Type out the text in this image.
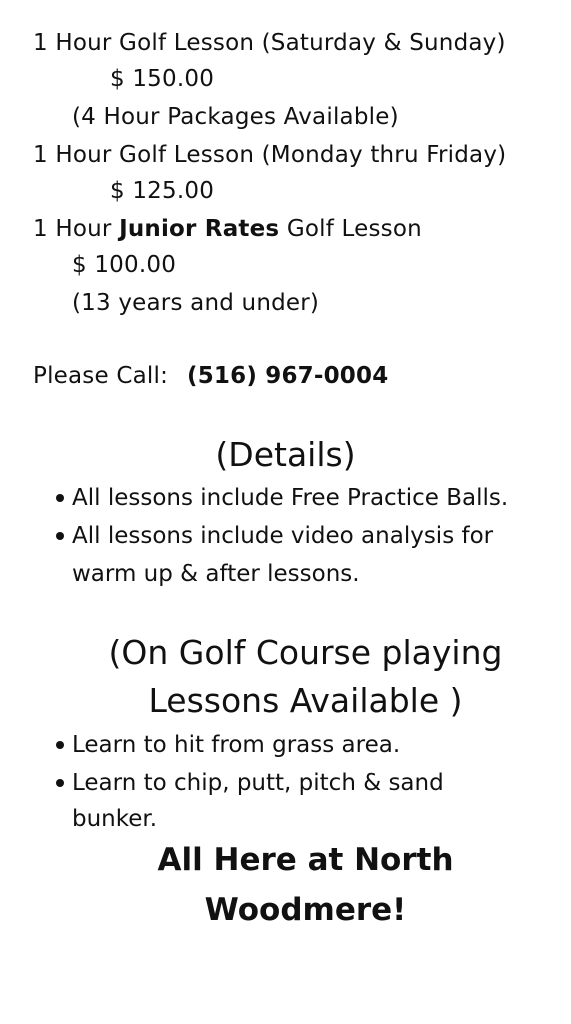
1 Hour Golf Lesson (Saturday & Sunday)
$ 150.00
(4 Hour Packages Available)
1 Hour Golf Lesson (Monday thru Friday)
$ 125.00
1 Hour Junior Rates Golf Lesson
$ 100.00
(13 years and under)
Please Call: (516) 967-0004
(Details)
All lessons include Free Practice Balls.
All lessons include video analysis for
warm up & after lessons.
(On Golf Course playing
Lessons Available )
Learn to hit from grass area.
Learn to chip, putt, pitch & sand
bunker.
All Here at North
Woodmere!
